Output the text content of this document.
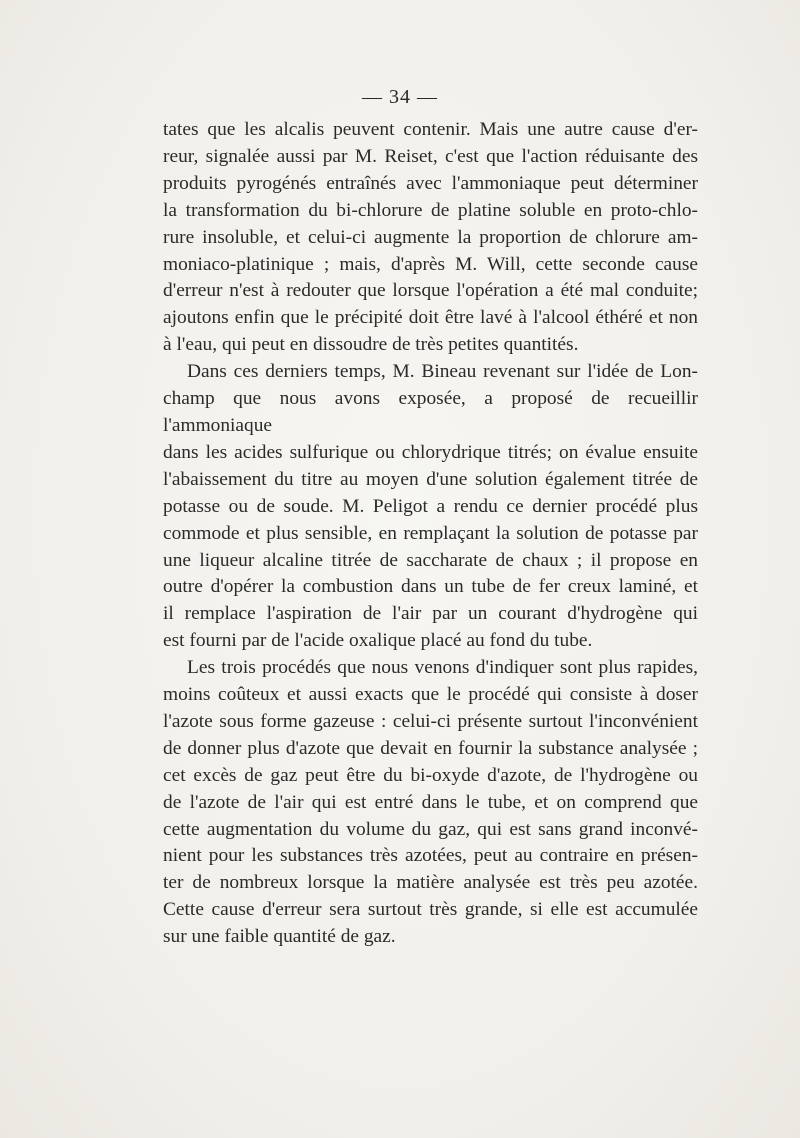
— 34 —

tates que les alcalis peuvent contenir. Mais une autre cause d'er-
reur, signalée aussi par M. Reiset, c'est que l'action réduisante des
produits pyrogénés entraînés avec l'ammoniaque peut déterminer
la transformation du bi-chlorure de platine soluble en proto-chlo-
rure insoluble, et celui-ci augmente la proportion de chlorure am-
moniaco-platinique ; mais, d'après M. Will, cette seconde cause
d'erreur n'est à redouter que lorsque l'opération a été mal conduite;
ajoutons enfin que le précipité doit être lavé à l'alcool éthéré et non
à l'eau, qui peut en dissoudre de très petites quantités.

Dans ces derniers temps, M. Bineau revenant sur l'idée de Lon-
champ que nous avons exposée, a proposé de recueillir l'ammoniaque
dans les acides sulfurique ou chlorydrique titrés; on évalue ensuite
l'abaissement du titre au moyen d'une solution également titrée de
potasse ou de soude. M. Peligot a rendu ce dernier procédé plus
commode et plus sensible, en remplaçant la solution de potasse par
une liqueur alcaline titrée de saccharate de chaux ; il propose en
outre d'opérer la combustion dans un tube de fer creux laminé, et
il remplace l'aspiration de l'air par un courant d'hydrogène qui
est fourni par de l'acide oxalique placé au fond du tube.

Les trois procédés que nous venons d'indiquer sont plus rapides,
moins coûteux et aussi exacts que le procédé qui consiste à doser
l'azote sous forme gazeuse : celui-ci présente surtout l'inconvénient
de donner plus d'azote que devait en fournir la substance analysée ;
cet excès de gaz peut être du bi-oxyde d'azote, de l'hydrogène ou
de l'azote de l'air qui est entré dans le tube, et on comprend que
cette augmentation du volume du gaz, qui est sans grand inconvé-
nient pour les substances très azotées, peut au contraire en présen-
ter de nombreux lorsque la matière analysée est très peu azotée.
Cette cause d'erreur sera surtout très grande, si elle est accumulée
sur une faible quantité de gaz.
